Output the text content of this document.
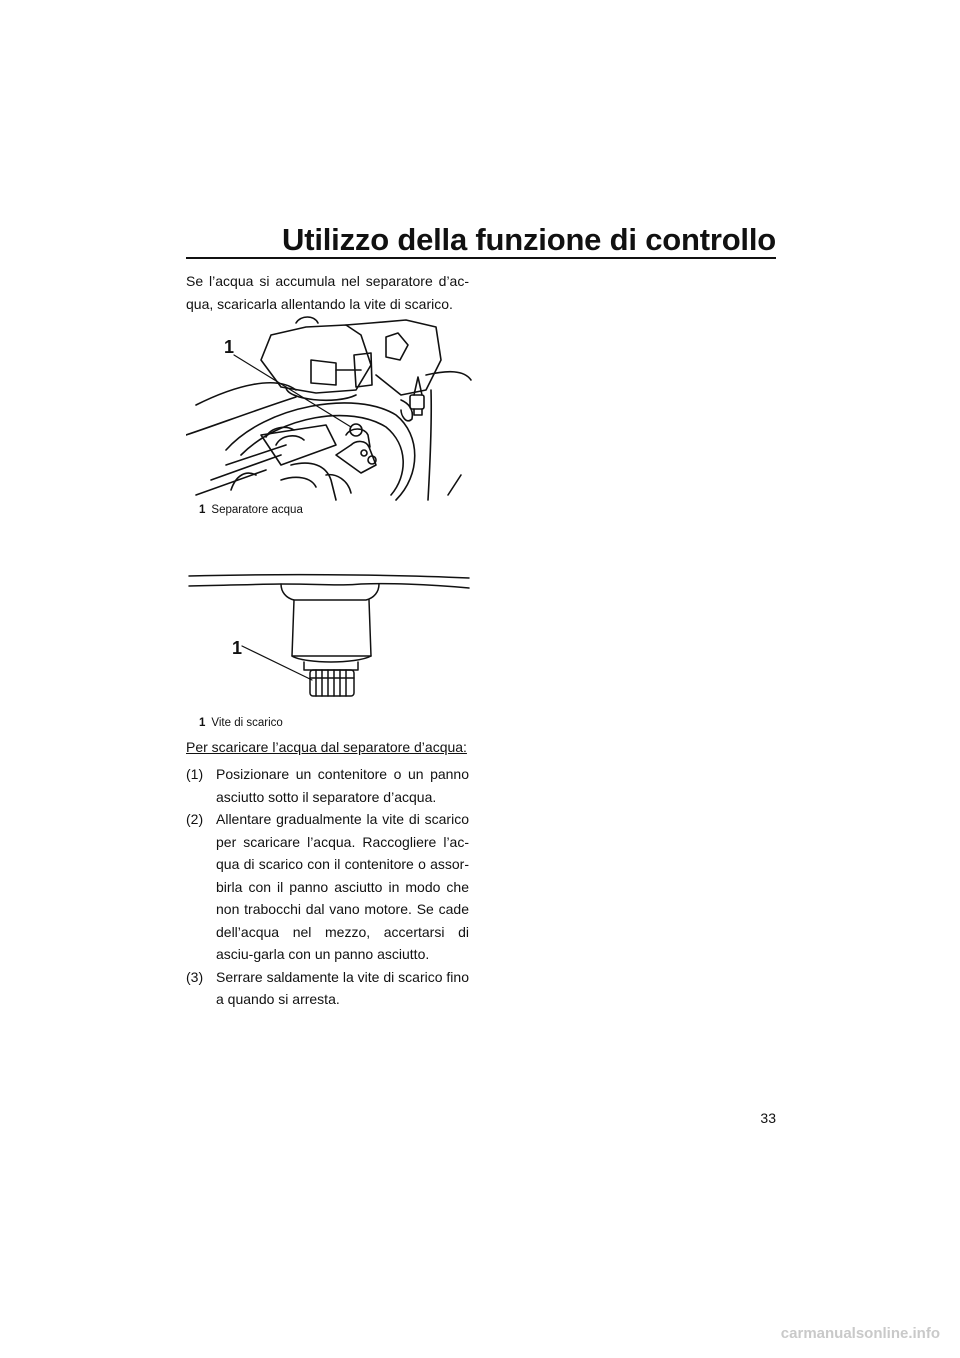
Utilizzo della funzione di controllo
Se l’acqua si accumula nel separatore d’ac-qua, scaricarla allentando la vite di scarico.
1
1 Separatore acqua
1
1 Vite di scarico
Per scaricare l’acqua dal separatore d’acqua:
(1) Posizionare un contenitore o un panno asciutto sotto il separatore d’acqua.
(2) Allentare gradualmente la vite di scarico per scaricare l’acqua. Raccogliere l’ac-qua di scarico con il contenitore o assor-birla con il panno asciutto in modo che non trabocchi dal vano motore. Se cade dell’acqua nel mezzo, accertarsi di asciu-garla con un panno asciutto.
(3) Serrare saldamente la vite di scarico fino a quando si arresta.
33
carmanualsonline.info
